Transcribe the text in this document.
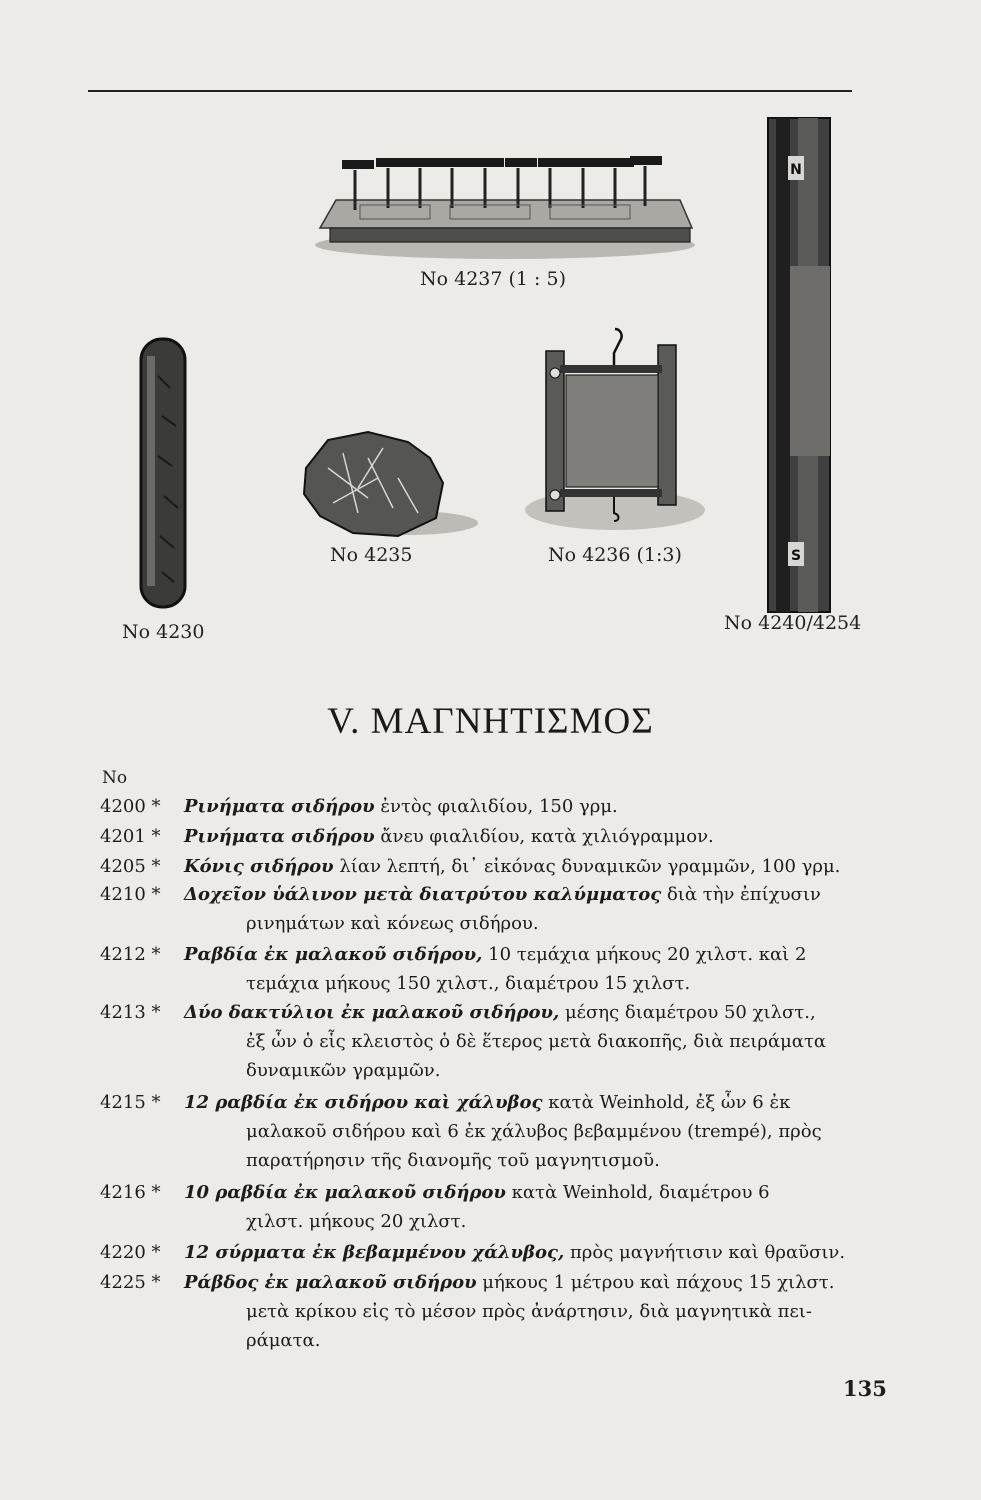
No 4237 (1 : 5)
No 4230
No 4235	No 4236 (1:3)
N
S
No 4240/4254
V. ΜΑΓΝΗΤΙΣΜΟΣ
No
4200 * Ρινήματα σιδήρου ἐντὸς φιαλιδίου, 150 γρμ.
4201 * Ρινήματα σιδήρου ἄνευ φιαλιδίου, κατὰ χιλιόγραμμον.
4205 * Κόνις σιδήρου λίαν λεπτή, δι᾽ εἰκόνας δυναμικῶν γραμμῶν, 100 γρμ.
4210 * Δοχεῖον ὑάλινον μετὰ διατρύτου καλύμματος διὰ τὴν ἐπίχυσιν
ρινημάτων καὶ κόνεως σιδήρου.
4212 * Ραβδία ἐκ μαλακοῦ σιδήρου, 10 τεμάχια μήκους 20 χιλστ. καὶ 2
τεμάχια μήκους 150 χιλστ., διαμέτρου 15 χιλστ.
4213 * Δύο δακτύλιοι ἐκ μαλακοῦ σιδήρου, μέσης διαμέτρου 50 χιλστ.,
ἐξ ὧν ὁ εἷς κλειστὸς ὁ δὲ ἕτερος μετὰ διακοπῆς, διὰ πειράματα
δυναμικῶν γραμμῶν.
4215 * 12 ραβδία ἐκ σιδήρου καὶ χάλυβος κατὰ Weinhold, ἐξ ὧν 6 ἐκ
μαλακοῦ σιδήρου καὶ 6 ἐκ χάλυβος βεβαμμένου (trempé), πρὸς
παρατήρησιν τῆς διανομῆς τοῦ μαγνητισμοῦ.
4216 * 10 ραβδία ἐκ μαλακοῦ σιδήρου κατὰ Weinhold, διαμέτρου 6
χιλστ. μήκους 20 χιλστ.
4220 * 12 σύρματα ἐκ βεβαμμένου χάλυβος, πρὸς μαγνήτισιν καὶ θραῦσιν.
4225 * Ράβδος ἐκ μαλακοῦ σιδήρου μήκους 1 μέτρου καὶ πάχους 15 χιλστ.
μετὰ κρίκου εἰς τὸ μέσον πρὸς ἀνάρτησιν, διὰ μαγνητικὰ πει-
ράματα.
135
